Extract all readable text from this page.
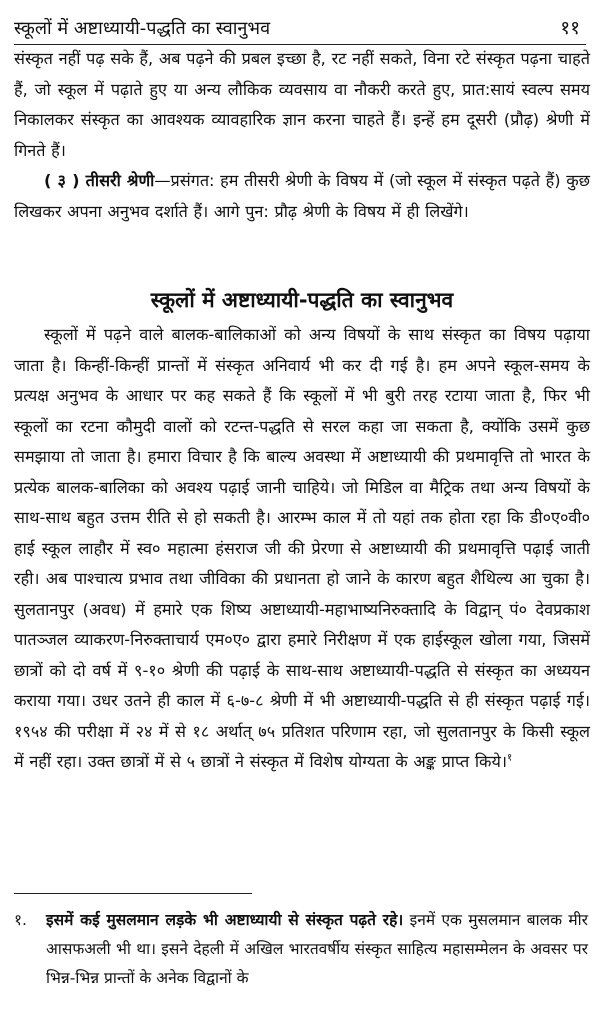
स्कूलों में अष्टाध्यायी-पद्धति का स्वानुभव	११

संस्कृत नहीं पढ़ सके हैं, अब पढ़ने की प्रबल इच्छा है, रट नहीं सकते, विना रटे संस्कृत पढ़ना चाहते हैं, जो स्कूल में पढ़ाते हुए या अन्य लौकिक व्यवसाय वा नौकरी करते हुए, प्रात:सायं स्वल्प समय निकालकर संस्कृत का आवश्यक व्यावहारिक ज्ञान करना चाहते हैं। इन्हें हम दूसरी (प्रौढ़) श्रेणी में गिनते हैं।

( ३ ) तीसरी श्रेणी—प्रसंगत: हम तीसरी श्रेणी के विषय में (जो स्कूल में संस्कृत पढ़ते हैं) कुछ लिखकर अपना अनुभव दर्शाते हैं। आगे पुन: प्रौढ़ श्रेणी के विषय में ही लिखेंगे।

स्कूलों में अष्टाध्यायी-पद्धति का स्वानुभव

स्कूलों में पढ़ने वाले बालक-बालिकाओं को अन्य विषयों के साथ संस्कृत का विषय पढ़ाया जाता है। किन्हीं-किन्हीं प्रान्तों में संस्कृत अनिवार्य भी कर दी गई है। हम अपने स्कूल-समय के प्रत्यक्ष अनुभव के आधार पर कह सकते हैं कि स्कूलों में भी बुरी तरह रटाया जाता है, फिर भी स्कूलों का रटना कौमुदी वालों को रटन्त-पद्धति से सरल कहा जा सकता है, क्योंकि उसमें कुछ समझाया तो जाता है। हमारा विचार है कि बाल्य अवस्था में अष्टाध्यायी की प्रथमावृत्ति तो भारत के प्रत्येक बालक-बालिका को अवश्य पढ़ाई जानी चाहिये। जो मिडिल वा मैट्रिक तथा अन्य विषयों के साथ-साथ बहुत उत्तम रीति से हो सकती है। आरम्भ काल में तो यहां तक होता रहा कि डी०ए०वी० हाई स्कूल लाहौर में स्व० महात्मा हंसराज जी की प्रेरणा से अष्टाध्यायी की प्रथमावृत्ति पढ़ाई जाती रही। अब पाश्चात्य प्रभाव तथा जीविका की प्रधानता हो जाने के कारण बहुत शैथिल्य आ चुका है। सुलतानपुर (अवध) में हमारे एक शिष्य अष्टाध्यायी-महाभाष्यनिरुक्तादि के विद्वान् पं० देवप्रकाश पातञ्जल व्याकरण-निरुक्ताचार्य एम०ए० द्वारा हमारे निरीक्षण में एक हाईस्कूल खोला गया, जिसमें छात्रों को दो वर्ष में ९-१० श्रेणी की पढ़ाई के साथ-साथ अष्टाध्यायी-पद्धति से संस्कृत का अध्ययन कराया गया। उधर उतने ही काल में ६-७-८ श्रेणी में भी अष्टाध्यायी-पद्धति से ही संस्कृत पढ़ाई गई। १९५४ की परीक्षा में २४ में से १८ अर्थात् ७५ प्रतिशत परिणाम रहा, जो सुलतानपुर के किसी स्कूल में नहीं रहा। उक्त छात्रों में से ५ छात्रों ने संस्कृत में विशेष योग्यता के अङ्क प्राप्त किये।$^१$

१.	इसमें कई मुसलमान लड़के भी अष्टाध्यायी से संस्कृत पढ़ते रहे। इनमें एक मुसलमान बालक मीर आसफअली भी था। इसने देहली में अखिल भारतवर्षीय संस्कृत साहित्य महासम्मेलन के अवसर पर भिन्न-भिन्न प्रान्तों के अनेक विद्वानों के
